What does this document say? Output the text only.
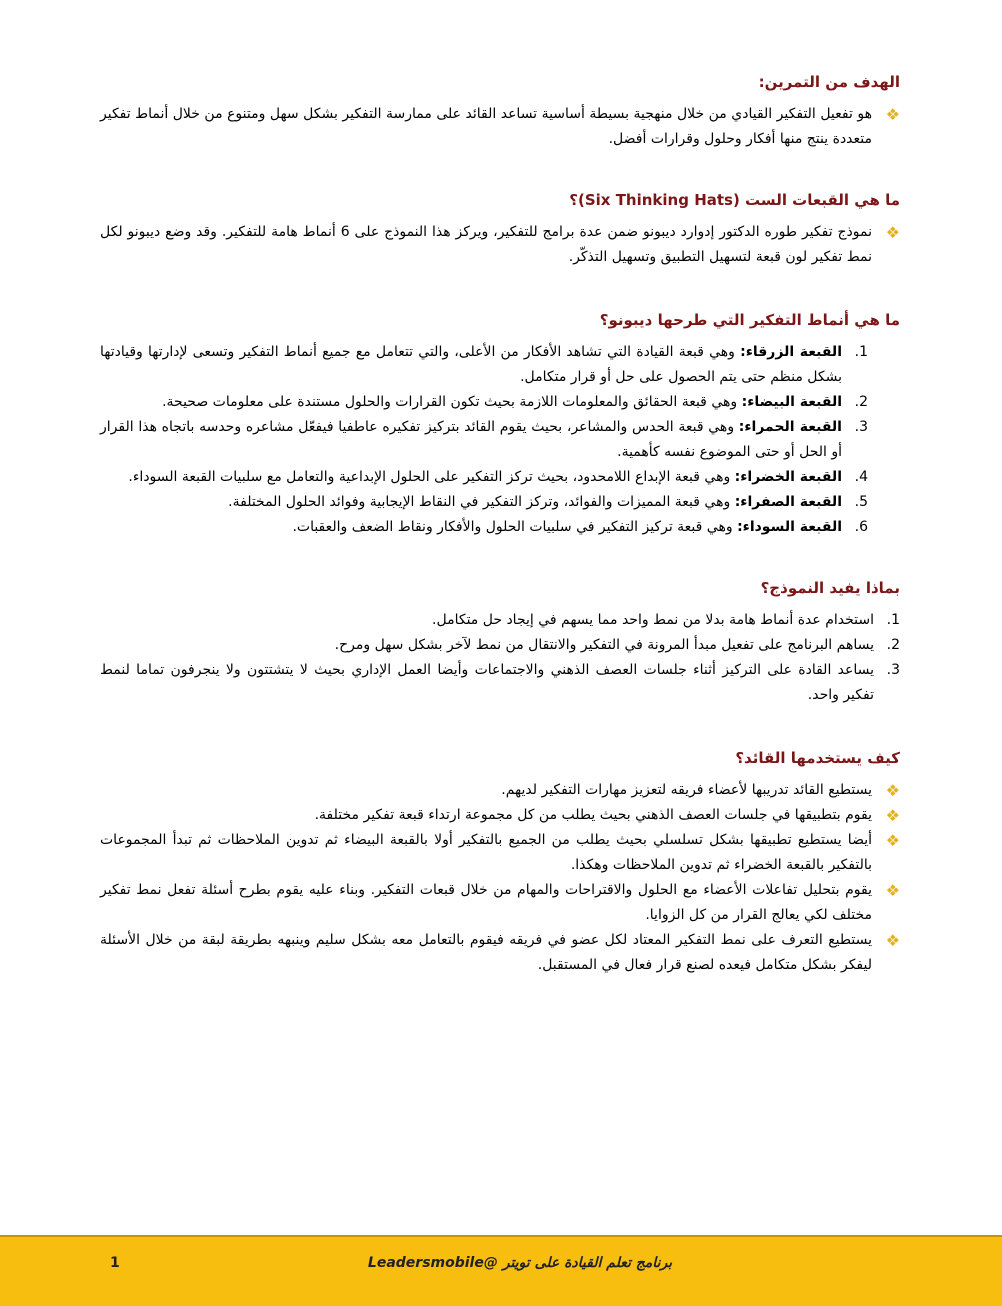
الهدف من التمرين:
❖
هو تفعيل التفكير القيادي من خلال منهجية بسيطة أساسية تساعد القائد على ممارسة التفكير بشكل سهل ومتنوع من خلال أنماط تفكير متعددة ينتج منها أفكار وحلول وقرارات أفضل.
ما هي القبعات الست (Six Thinking Hats)؟
❖
نموذج تفكير طوره الدكتور إدوارد ديبونو ضمن عدة برامج للتفكير، ويركز هذا النموذج على 6 أنماط هامة للتفكير. وقد وضع ديبونو لكل نمط تفكير لون قبعة لتسهيل التطبيق وتسهيل التذكّر.
ما هي أنماط التفكير التي طرحها ديبونو؟
1.
القبعة الزرقاء: وهي قبعة القيادة التي تشاهد الأفكار من الأعلى، والتي تتعامل مع جميع أنماط التفكير وتسعى لإدارتها وقيادتها بشكل منظم حتى يتم الحصول على حل أو قرار متكامل.
2.
القبعة البيضاء: وهي قبعة الحقائق والمعلومات اللازمة بحيث تكون القرارات والحلول مستندة على معلومات صحيحة.
3.
القبعة الحمراء: وهي قبعة الحدس والمشاعر، بحيث يقوم القائد بتركيز تفكيره عاطفيا فيفعّل مشاعره وحدسه باتجاه هذا القرار أو الحل أو حتى الموضوع نفسه كأهمية.
4.
القبعة الخضراء: وهي قبعة الإبداع اللامحدود، بحيث تركز التفكير على الحلول الإبداعية والتعامل مع سلبيات القبعة السوداء.
5.
القبعة الصفراء: وهي قبعة المميزات والفوائد، وتركز التفكير في النقاط الإيجابية وفوائد الحلول المختلفة.
6.
القبعة السوداء: وهي قبعة تركيز التفكير في سلبيات الحلول والأفكار ونقاط الضعف والعقبات.
بماذا يفيد النموذج؟
1.
استخدام عدة أنماط هامة بدلا من نمط واحد مما يسهم في إيجاد حل متكامل.
2.
يساهم البرنامج على تفعيل مبدأ المرونة في التفكير والانتقال من نمط لآخر بشكل سهل ومرح.
3.
يساعد القادة على التركيز أثناء جلسات العصف الذهني والاجتماعات وأيضا العمل الإداري بحيث لا يتشتتون ولا ينجرفون تماما لنمط تفكير واحد.
كيف يستخدمها القائد؟
❖
يستطيع القائد تدريبها لأعضاء فريقه لتعزيز مهارات التفكير لديهم.
❖
يقوم بتطبيقها في جلسات العصف الذهني بحيث يطلب من كل مجموعة ارتداء قبعة تفكير مختلفة.
❖
أيضا يستطيع تطبيقها بشكل تسلسلي بحيث يطلب من الجميع بالتفكير أولا بالقبعة البيضاء ثم تدوين الملاحظات ثم تبدأ المجموعات بالتفكير بالقبعة الخضراء ثم تدوين الملاحظات وهكذا.
❖
يقوم بتحليل تفاعلات الأعضاء مع الحلول والاقتراحات والمهام من خلال قبعات التفكير. وبناء عليه يقوم بطرح أسئلة تفعل نمط تفكير مختلف لكي يعالج القرار من كل الزوايا.
❖
يستطيع التعرف على نمط التفكير المعتاد لكل عضو في فريقه فيقوم بالتعامل معه بشكل سليم وينبهه بطريقة لبقة من خلال الأسئلة ليفكر بشكل متكامل فيعده لصنع قرار فعال في المستقبل.
برنامج تعلم القيادة على تويتر @Leadersmobile
1
